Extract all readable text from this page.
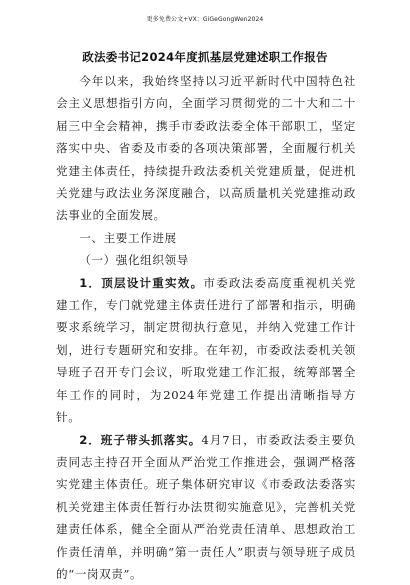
更多免费公文+VX：GiGeGongWen2024
政法委书记2024年度抓基层党建述职工作报告

今年以来，我始终坚持以习近平新时代中国特色社会主义思想指引方向，全面学习贯彻党的二十大和二十届三中全会精神，携手市委政法委全体干部职工，坚定落实中央、省委及市委的各项决策部署，全面履行机关党建主体责任，持续提升政法委机关党建质量，促进机关党建与政法业务深度融合，以高质量机关党建推动政法事业的全面发展。

一、主要工作进展

（一）强化组织领导

1．顶层设计重实效。市委政法委高度重视机关党建工作，专门就党建主体责任进行了部署和指示，明确要求系统学习，制定贯彻执行意见，并纳入党建工作计划，进行专题研究和安排。在年初，市委政法委机关领导班子召开专门会议，听取党建工作汇报，统筹部署全年工作的同时，为2024年党建工作提出清晰指导方针。

2．班子带头抓落实。4月7日，市委政法委主要负责同志主持召开全面从严治党工作推进会，强调严格落实党建主体责任。班子集体研究审议《市委政法委落实机关党建主体责任暂行办法贯彻实施意见》，完善机关党建责任体系，健全全面从严治党责任清单、思想政治工作责任清单，并明确“第一责任人”职责与领导班子成员的“一岗双责”。
